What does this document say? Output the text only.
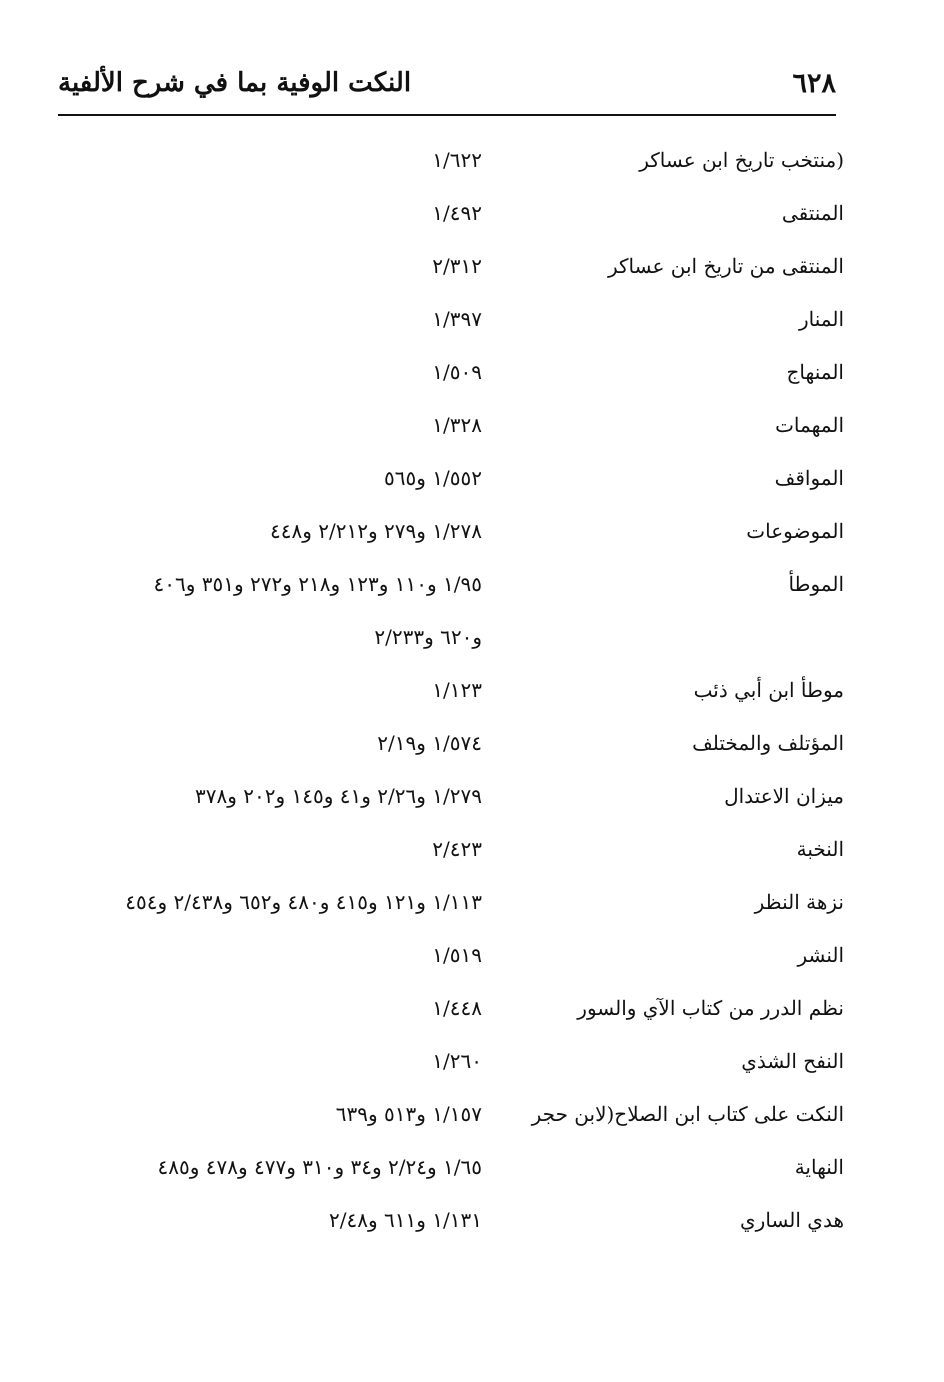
٦٢٨
النكت الوفية بما في شرح الألفية
(منتخب تاريخ ابن عساكر
١/٦٢٢
المنتقى
١/٤٩٢
المنتقى من تاريخ ابن عساكر
٢/٣١٢
المنار
١/٣٩٧
المنهاج
١/٥٠٩
المهمات
١/٣٢٨
المواقف
١/٥٥٢ و٥٦٥
الموضوعات
١/٢٧٨ و٢٧٩ و٢/٢١٢ و٤٤٨
الموطأ
١/٩٥ و١١٠ و١٢٣ و٢١٨ و٢٧٢ و٣٥١ و٤٠٦
و٦٢٠ و٢/٢٣٣
موطأ ابن أبي ذئب
١/١٢٣
المؤتلف والمختلف
١/٥٧٤ و٢/١٩
ميزان الاعتدال
١/٢٧٩ و٢/٢٦ و٤١ و١٤٥ و٢٠٢ و٣٧٨
النخبة
٢/٤٢٣
نزهة النظر
١/١١٣ و١٢١ و٤١٥ و٤٨٠ و٦٥٢ و٢/٤٣٨ و٤٥٤
النشر
١/٥١٩
نظم الدرر من كتاب الآي والسور
١/٤٤٨
النفح الشذي
١/٢٦٠
النكت على كتاب ابن الصلاح(لابن حجر
١/١٥٧ و٥١٣ و٦٣٩
النهاية
١/٦٥ و٢/٢٤ و٣٤ و٣١٠ و٤٧٧ و٤٧٨ و٤٨٥
هدي الساري
١/١٣١ و٦١١ و٢/٤٨
